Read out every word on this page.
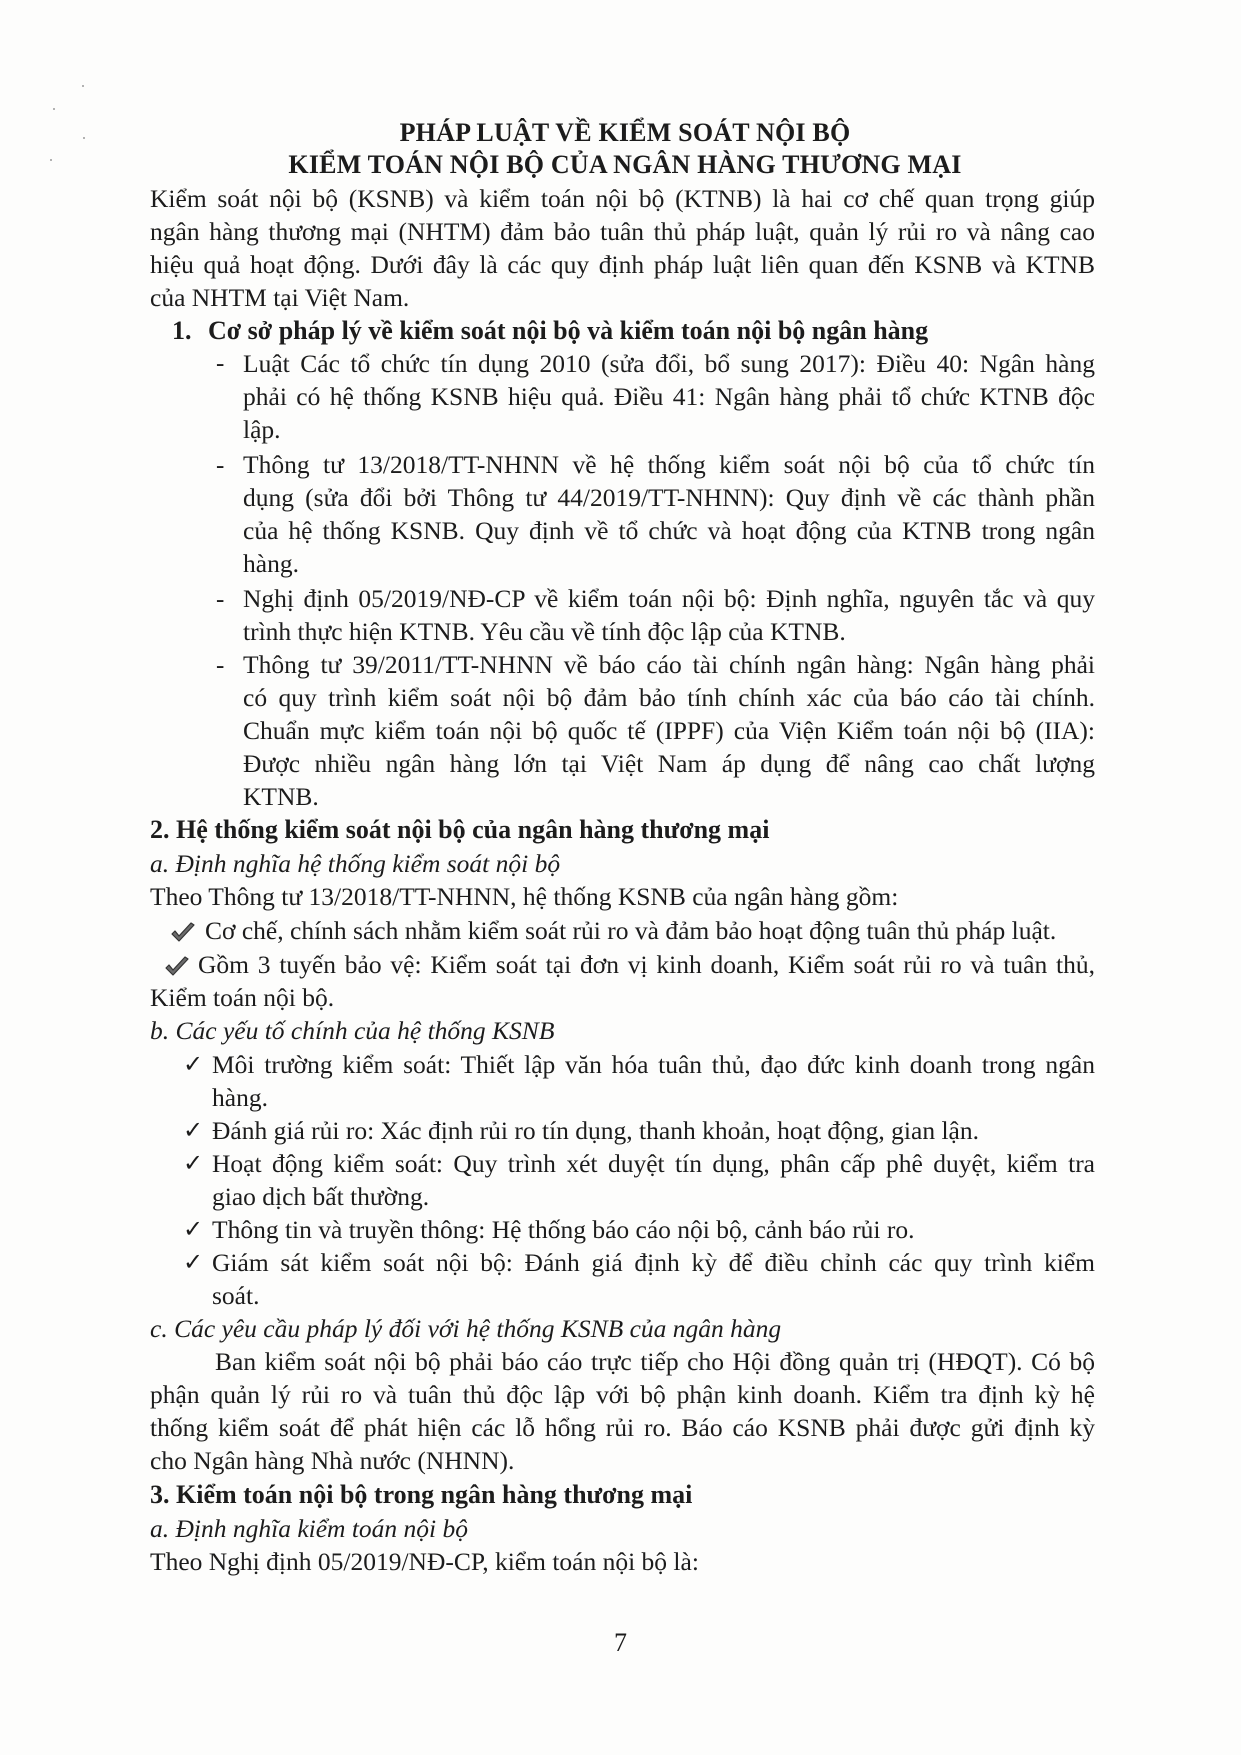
PHÁP LUẬT VỀ KIỂM SOÁT NỘI BỘ
KIỂM TOÁN NỘI BỘ CỦA NGÂN HÀNG THƯƠNG MẠI
Kiểm soát nội bộ (KSNB) và kiểm toán nội bộ (KTNB) là hai cơ chế quan trọng giúp
ngân hàng thương mại (NHTM) đảm bảo tuân thủ pháp luật, quản lý rủi ro và nâng cao
hiệu quả hoạt động. Dưới đây là các quy định pháp luật liên quan đến KSNB và KTNB
của NHTM tại Việt Nam.
1. Cơ sở pháp lý về kiểm soát nội bộ và kiểm toán nội bộ ngân hàng
- Luật Các tổ chức tín dụng 2010 (sửa đổi, bổ sung 2017): Điều 40: Ngân hàng
phải có hệ thống KSNB hiệu quả. Điều 41: Ngân hàng phải tổ chức KTNB độc
lập.
- Thông tư 13/2018/TT-NHNN về hệ thống kiểm soát nội bộ của tổ chức tín
dụng (sửa đổi bởi Thông tư 44/2019/TT-NHNN): Quy định về các thành phần
của hệ thống KSNB. Quy định về tổ chức và hoạt động của KTNB trong ngân
hàng.
- Nghị định 05/2019/NĐ-CP về kiểm toán nội bộ: Định nghĩa, nguyên tắc và quy
trình thực hiện KTNB. Yêu cầu về tính độc lập của KTNB.
- Thông tư 39/2011/TT-NHNN về báo cáo tài chính ngân hàng: Ngân hàng phải
có quy trình kiểm soát nội bộ đảm bảo tính chính xác của báo cáo tài chính.
Chuẩn mực kiểm toán nội bộ quốc tế (IPPF) của Viện Kiểm toán nội bộ (IIA):
Được nhiều ngân hàng lớn tại Việt Nam áp dụng để nâng cao chất lượng
KTNB.
2. Hệ thống kiểm soát nội bộ của ngân hàng thương mại
a. Định nghĩa hệ thống kiểm soát nội bộ
Theo Thông tư 13/2018/TT-NHNN, hệ thống KSNB của ngân hàng gồm:
Cơ chế, chính sách nhằm kiểm soát rủi ro và đảm bảo hoạt động tuân thủ pháp luật.
Gồm 3 tuyến bảo vệ: Kiểm soát tại đơn vị kinh doanh, Kiểm soát rủi ro và tuân thủ,
Kiểm toán nội bộ.
b. Các yếu tố chính của hệ thống KSNB
✓ Môi trường kiểm soát: Thiết lập văn hóa tuân thủ, đạo đức kinh doanh trong ngân
hàng.
✓ Đánh giá rủi ro: Xác định rủi ro tín dụng, thanh khoản, hoạt động, gian lận.
✓ Hoạt động kiểm soát: Quy trình xét duyệt tín dụng, phân cấp phê duyệt, kiểm tra
giao dịch bất thường.
✓ Thông tin và truyền thông: Hệ thống báo cáo nội bộ, cảnh báo rủi ro.
✓ Giám sát kiểm soát nội bộ: Đánh giá định kỳ để điều chỉnh các quy trình kiểm
soát.
c. Các yêu cầu pháp lý đối với hệ thống KSNB của ngân hàng
Ban kiểm soát nội bộ phải báo cáo trực tiếp cho Hội đồng quản trị (HĐQT). Có bộ
phận quản lý rủi ro và tuân thủ độc lập với bộ phận kinh doanh. Kiểm tra định kỳ hệ
thống kiểm soát để phát hiện các lỗ hổng rủi ro. Báo cáo KSNB phải được gửi định kỳ
cho Ngân hàng Nhà nước (NHNN).
3. Kiểm toán nội bộ trong ngân hàng thương mại
a. Định nghĩa kiểm toán nội bộ
Theo Nghị định 05/2019/NĐ-CP, kiểm toán nội bộ là:
7
